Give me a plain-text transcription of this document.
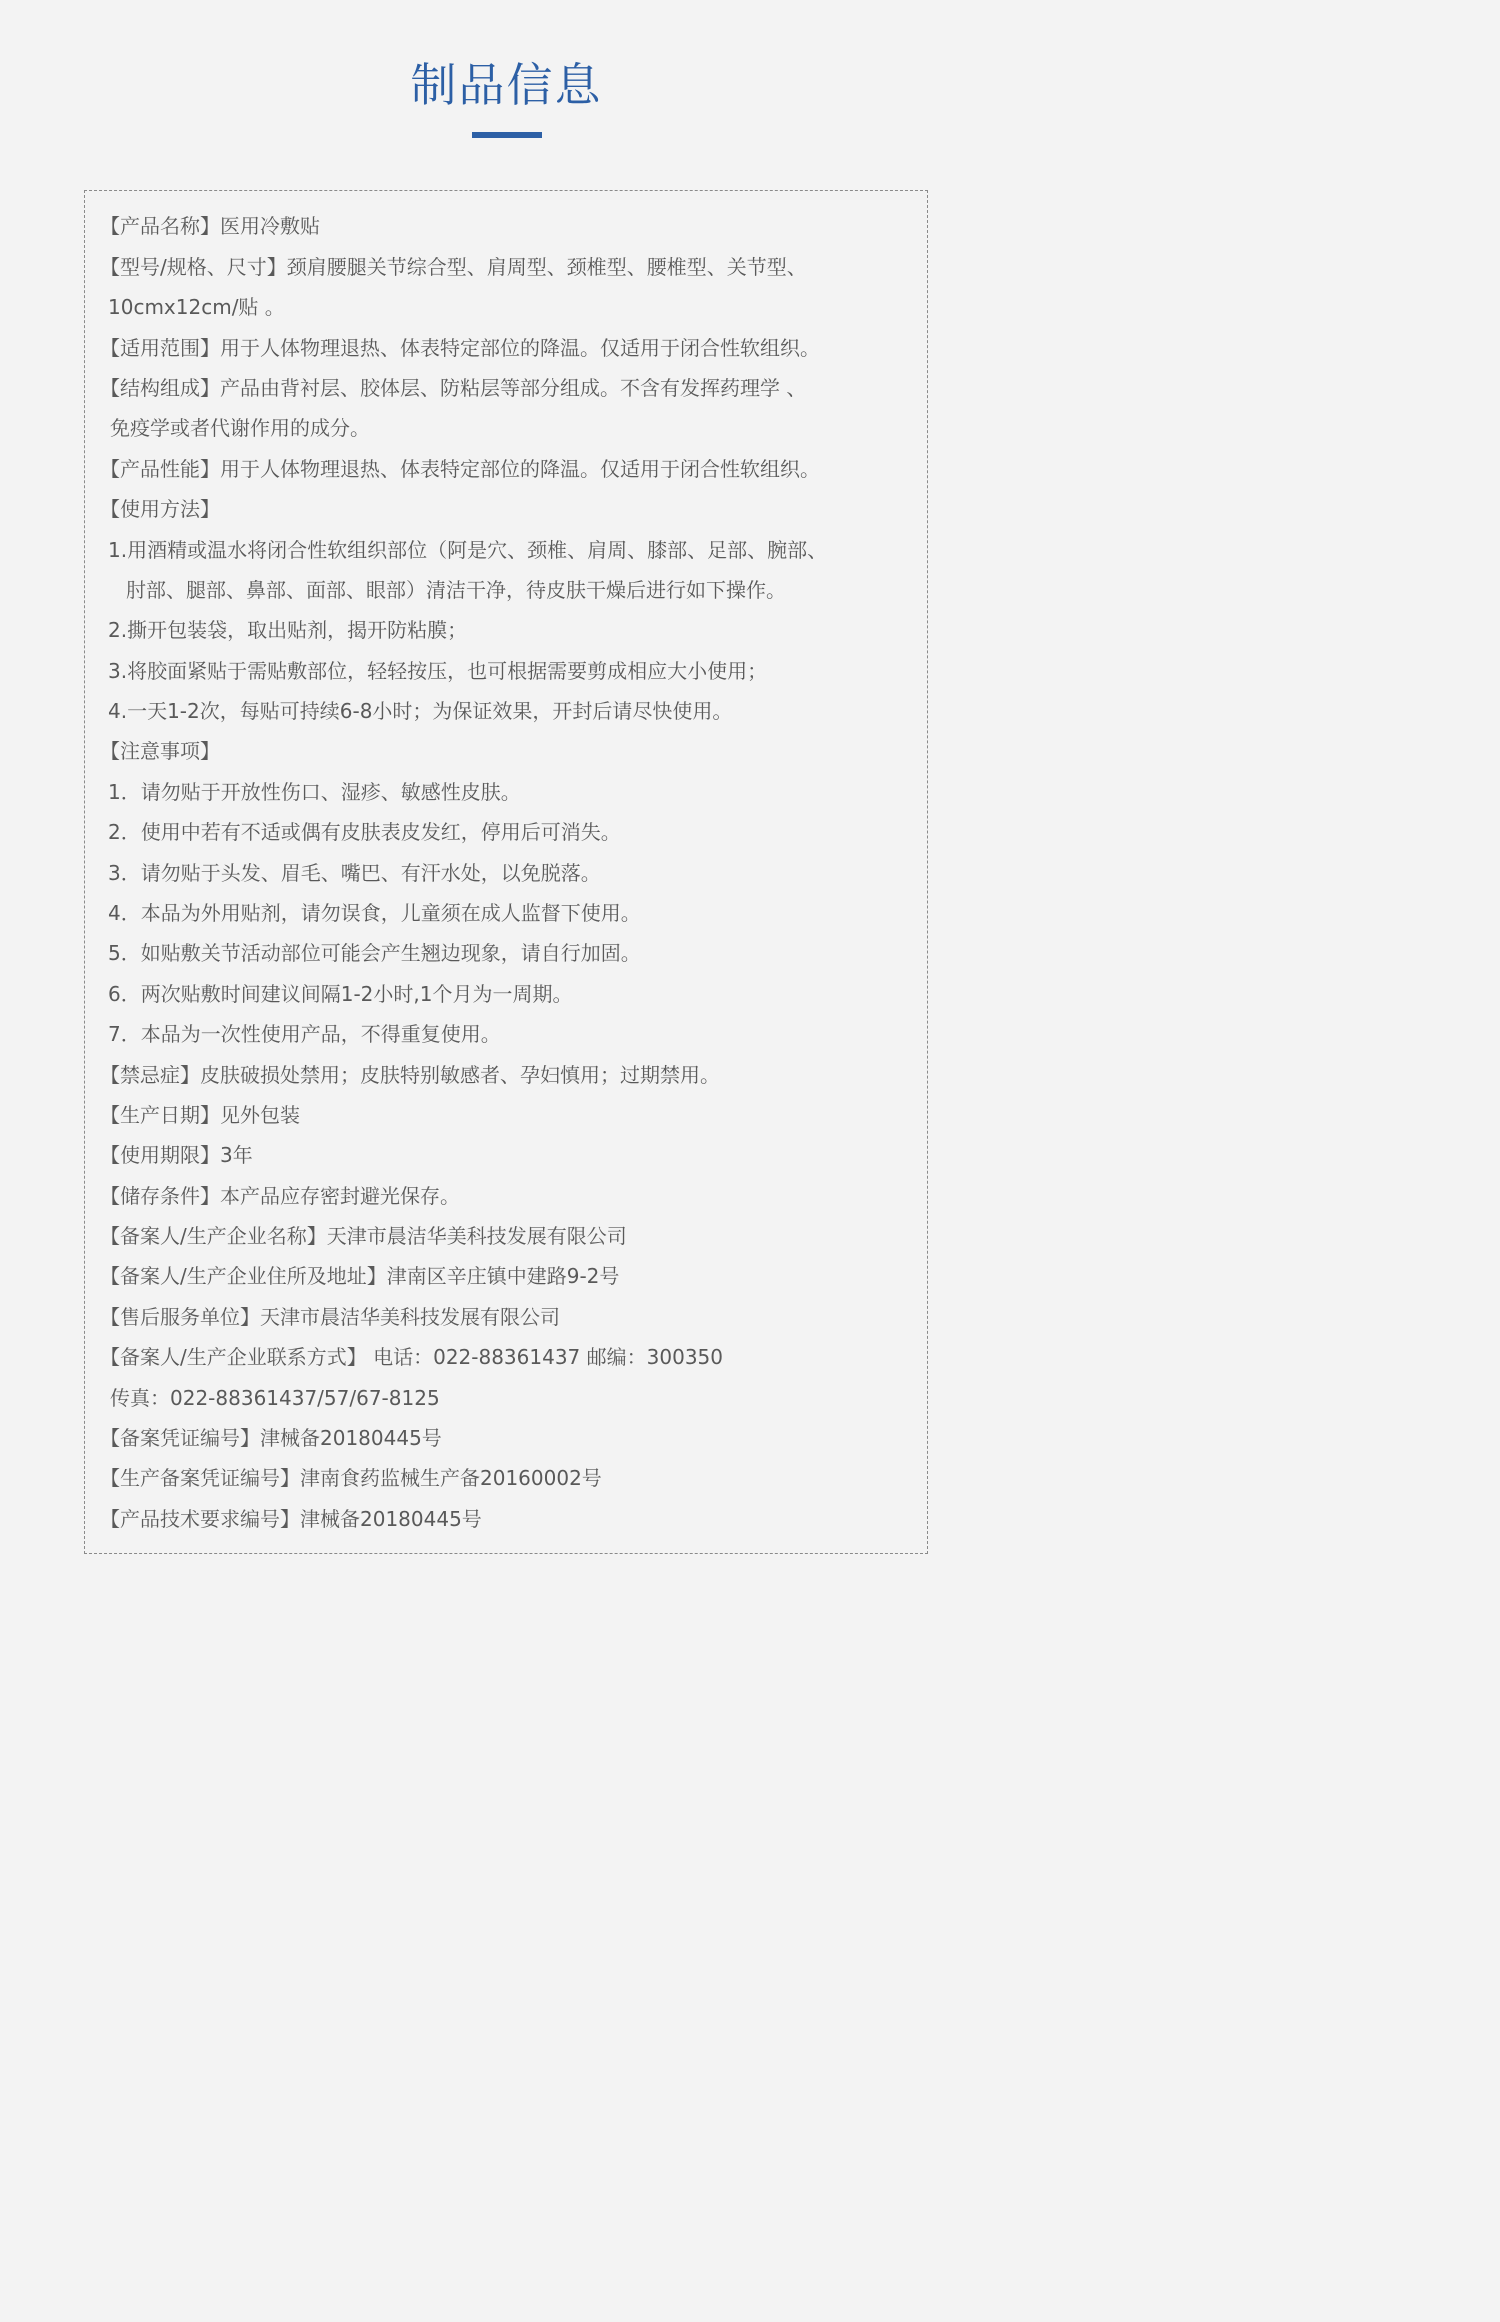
制品信息
【产品名称】医用冷敷贴
【型号/规格、尺寸】颈肩腰腿关节综合型、肩周型、颈椎型、腰椎型、关节型、
10cmx12cm/贴 。
【适用范围】用于人体物理退热、体表特定部位的降温。仅适用于闭合性软组织。
【结构组成】产品由背衬层、胶体层、防粘层等部分组成。不含有发挥药理学 、
免疫学或者代谢作用的成分。
【产品性能】用于人体物理退热、体表特定部位的降温。仅适用于闭合性软组织。
【使用方法】
1.用酒精或温水将闭合性软组织部位（阿是穴、颈椎、肩周、膝部、足部、腕部、
肘部、腿部、鼻部、面部、眼部）清洁干净，待皮肤干燥后进行如下操作。
2.撕开包装袋，取出贴剂，揭开防粘膜；
3.将胶面紧贴于需贴敷部位，轻轻按压，也可根据需要剪成相应大小使用；
4.一天1-2次，每贴可持续6-8小时；为保证效果，开封后请尽快使用。
【注意事项】
1．请勿贴于开放性伤口、湿疹、敏感性皮肤。
2．使用中若有不适或偶有皮肤表皮发红，停用后可消失。
3．请勿贴于头发、眉毛、嘴巴、有汗水处，以免脱落。
4．本品为外用贴剂，请勿误食，儿童须在成人监督下使用。
5．如贴敷关节活动部位可能会产生翘边现象，请自行加固。
6．两次贴敷时间建议间隔1-2小时,1个月为一周期。
7．本品为一次性使用产品，不得重复使用。
【禁忌症】皮肤破损处禁用；皮肤特别敏感者、孕妇慎用；过期禁用。
【生产日期】见外包装
【使用期限】3年
【储存条件】本产品应存密封避光保存。
【备案人/生产企业名称】天津市晨洁华美科技发展有限公司
【备案人/生产企业住所及地址】津南区辛庄镇中建路9-2号
【售后服务单位】天津市晨洁华美科技发展有限公司
【备案人/生产企业联系方式】 电话：022-88361437 邮编：300350
传真：022-88361437/57/67-8125
【备案凭证编号】津械备20180445号
【生产备案凭证编号】津南食药监械生产备20160002号
【产品技术要求编号】津械备20180445号
